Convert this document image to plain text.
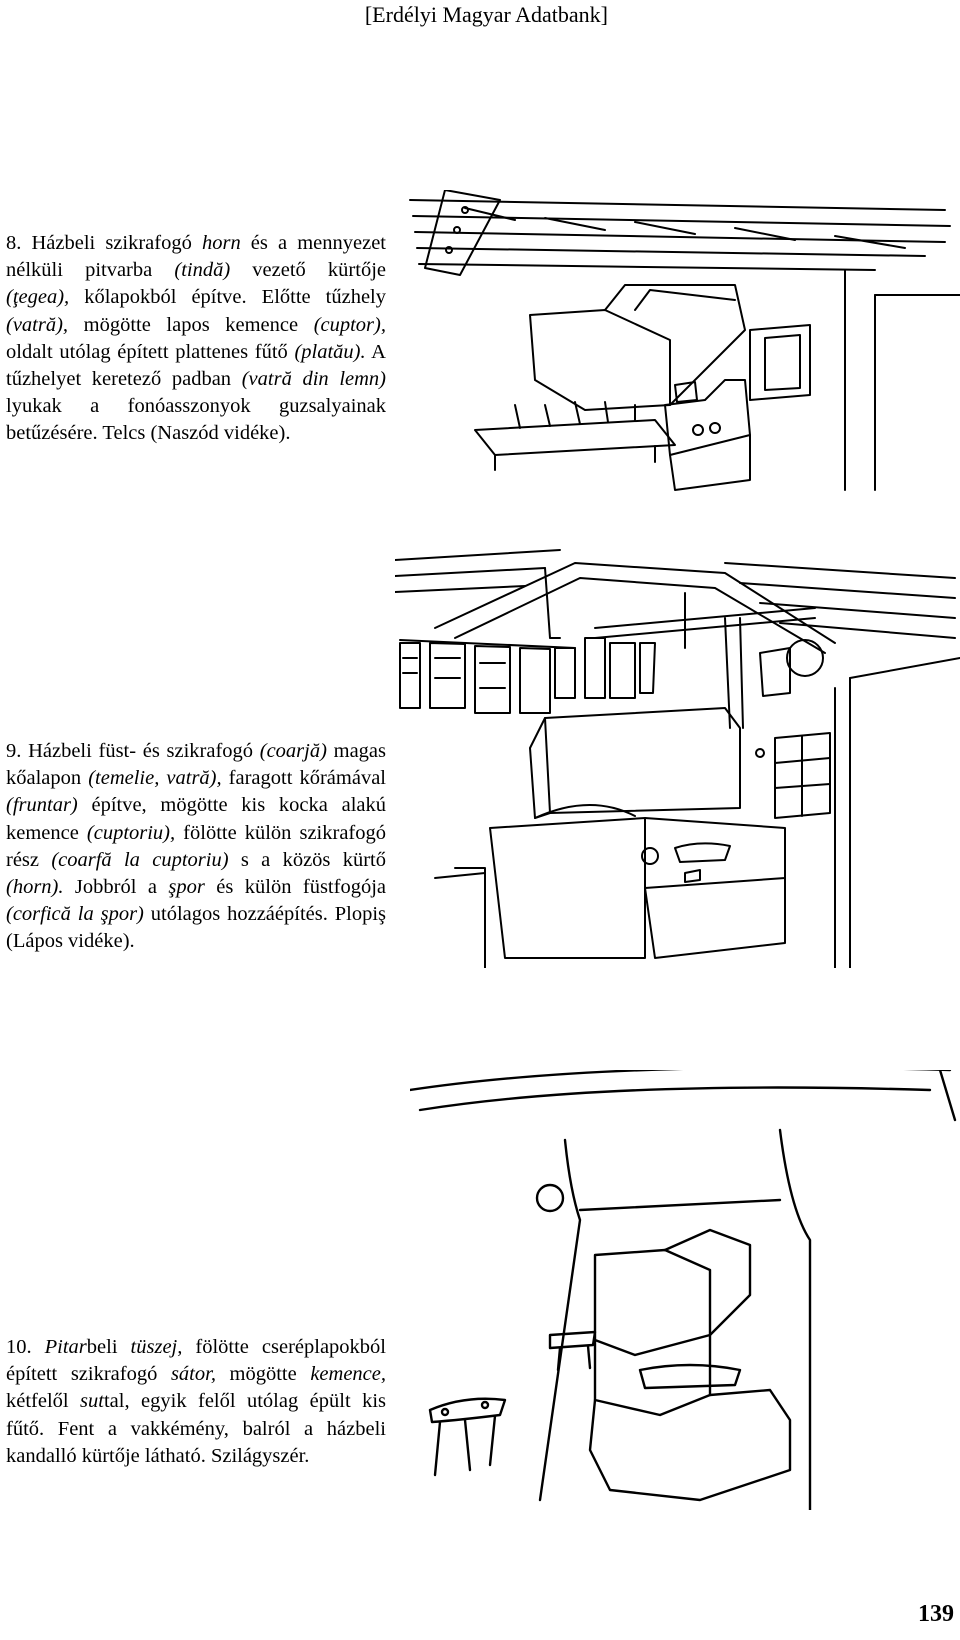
[Erdélyi Magyar Adatbank]

8. Házbeli szikrafogó horn és a mennyezet nélküli pitvarba (tindă) vezető kürtője (ţegea), kőlapokból építve. Előtte tűzhely (vatră), mögötte lapos kemence (cuptor), oldalt utólag épített plattenes fűtő (platău). A tűzhelyet keretező padban (vatră din lemn) lyukak a fonóasszonyok guzsalyainak betűzésére. Telcs (Naszód vidéke).

9. Házbeli füst- és szikrafogó (coarjă) magas kőalapon (temelie, vatră), faragott kőrámával (fruntar) építve, mögötte kis kocka alakú kemence (cuptoriu), fölötte külön szikrafogó rész (coarfă la cuptoriu) s a közös kürtő (horn). Jobbról a şpor és külön füstfogója (corfică la şpor) utólagos hozzáépítés. Plopiş (Lápos vidéke).

10. Pitarbeli tüszej, fölötte cseréplapokból épített szikrafogó sátor, mögötte kemence, kétfelől suttal, egyik felől utólag épült kis fűtő. Fent a vakkémény, balról a házbeli kandalló kürtője látható. Szilágyszér.

139
